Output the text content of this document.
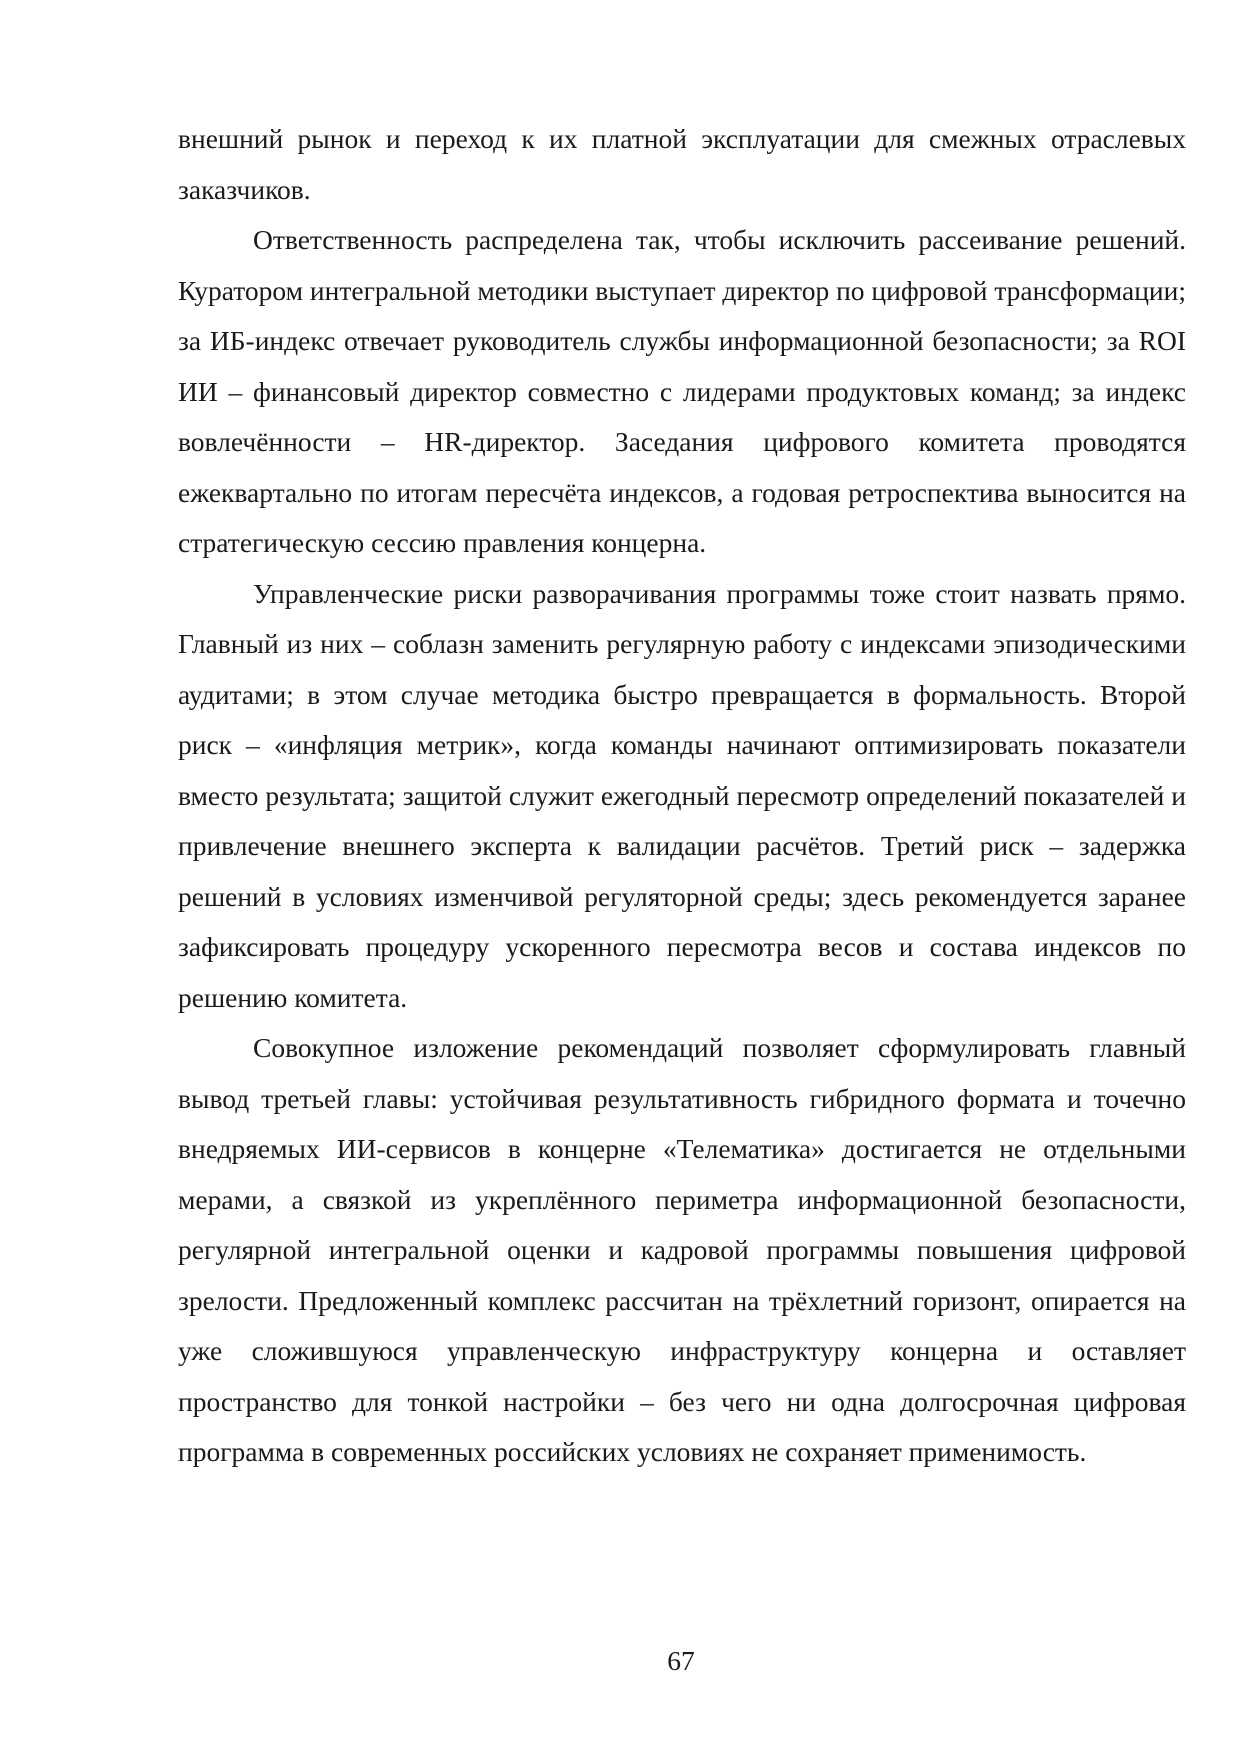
внешний рынок и переход к их платной эксплуатации для смежных отраслевых заказчиков.

Ответственность распределена так, чтобы исключить рассеивание решений. Куратором интегральной методики выступает директор по цифровой трансформации; за ИБ-индекс отвечает руководитель службы информационной безопасности; за ROI ИИ – финансовый директор совместно с лидерами продуктовых команд; за индекс вовлечённости – HR-директор. Заседания цифрового комитета проводятся ежеквартально по итогам пересчёта индексов, а годовая ретроспектива выносится на стратегическую сессию правления концерна.

Управленческие риски разворачивания программы тоже стоит назвать прямо. Главный из них – соблазн заменить регулярную работу с индексами эпизодическими аудитами; в этом случае методика быстро превращается в формальность. Второй риск – «инфляция метрик», когда команды начинают оптимизировать показатели вместо результата; защитой служит ежегодный пересмотр определений показателей и привлечение внешнего эксперта к валидации расчётов. Третий риск – задержка решений в условиях изменчивой регуляторной среды; здесь рекомендуется заранее зафиксировать процедуру ускоренного пересмотра весов и состава индексов по решению комитета.

Совокупное изложение рекомендаций позволяет сформулировать главный вывод третьей главы: устойчивая результативность гибридного формата и точечно внедряемых ИИ-сервисов в концерне «Телематика» достигается не отдельными мерами, а связкой из укреплённого периметра информационной безопасности, регулярной интегральной оценки и кадровой программы повышения цифровой зрелости. Предложенный комплекс рассчитан на трёхлетний горизонт, опирается на уже сложившуюся управленческую инфраструктуру концерна и оставляет пространство для тонкой настройки – без чего ни одна долгосрочная цифровая программа в современных российских условиях не сохраняет применимость.

67
